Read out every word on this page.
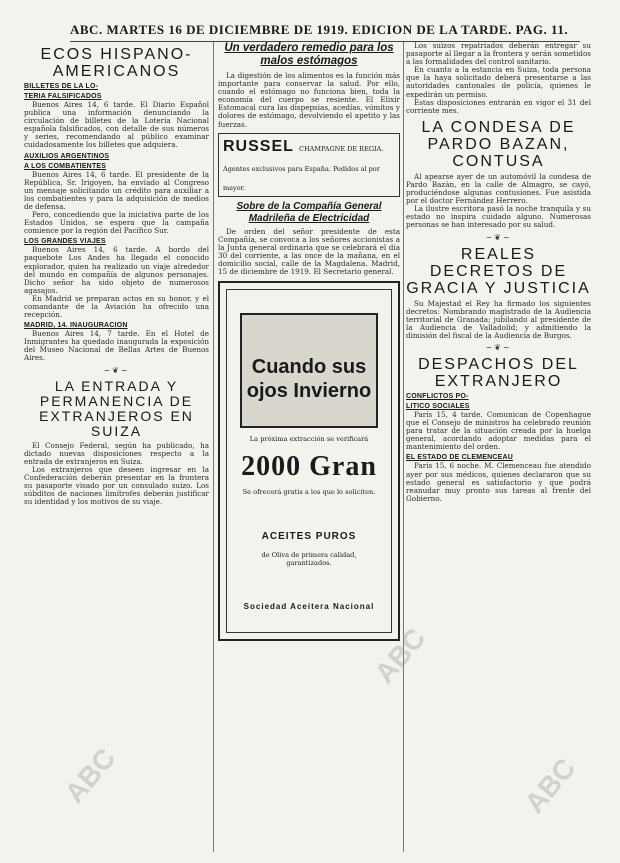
ABC. MARTES 16 DE DICIEMBRE DE 1919. EDICION DE LA TARDE. PAG. 11.
ECOS HISPANO-AMERICANOS
BILLETES DE LA LO-
TERIA FALSIFICADOS

Buenos Aires 14, 6 tarde. El Diario Español publica una información denunciando la circulación de billetes de la Lotería Nacional española falsificados, con detalle de sus números y series, recomendando al público examinar cuidadosamente los billetes que adquiera.

AUXILIOS ARGENTINOS
A LOS COMBATIENTES

Buenos Aires 14, 6 tarde. El presidente de la República, Sr. Irigoyen, ha enviado al Congreso un mensaje solicitando un crédito para auxiliar a los combatientes y para la adquisición de medios de defensa.

Pero, concediendo que la iniciativa parte de los Estados Unidos, se espera que la campaña comience por la región del Pacífico Sur.

LOS GRANDES VIAJES

Buenos Aires 14, 6 tarde. A bordo del paquebote Los Andes ha llegado el conocido explorador, quien ha realizado un viaje alrededor del mundo en compañía de algunos personajes. Dicho señor ha sido objeto de numerosos agasajos.

En Madrid se preparan actos en su honor, y el comandante de la Aviación ha ofrecido una recepción.

MADRID, 14. INAUGURACION

Buenos Aires 14, 7 tarde. En el Hotel de Inmigrantes ha quedado inaugurada la exposición del Museo Nacional de Bellas Artes de Buenos Aires.

~❦~
LA ENTRADA Y PERMANENCIA DE EXTRANJEROS EN SUIZA

El Consejo Federal, según ha publicado, ha dictado nuevas disposiciones respecto a la entrada de extranjeros en Suiza.

Los extranjeros que deseen ingresar en la Confederación deberán presentar en la frontera su pasaporte visado por un consulado suizo. Los súbditos de naciones limítrofes deberán justificar su identidad y los motivos de su viaje.

Un verdadero remedio para los malos estómagos

La digestión de los alimentos es la función más importante para conservar la salud. Por ello, cuando el estómago no funciona bien, toda la economía del cuerpo se resiente. El Elixir Estomacal cura las dispepsias, acedías, vómitos y dolores de estómago, devolviendo el apetito y las fuerzas.

RUSSEL CHAMPAGNE DE REGIA. Agentes exclusivos para España. Pedidos al por mayor.
Sobre de la Compañía General Madrileña de Electricidad

De orden del señor presidente de esta Compañía, se convoca a los señores accionistas a la Junta general ordinaria que se celebrará el día 30 del corriente, a las once de la mañana, en el domicilio social, calle de la Magdalena. Madrid, 15 de diciembre de 1919. El Secretario general.

Cuando sus ojos Invierno
La próxima extracción se verificará
2000 Gran
Se ofrecerá gratis a los que lo soliciten.
ACEITES PUROS
de Oliva de primera calidad, garantizados.
Sociedad Aceitera Nacional

Los suizos repatriados deberán entregar su pasaporte al llegar a la frontera y serán sometidos a las formalidades del control sanitario.

En cuanto a la estancia en Suiza, toda persona que la haya solicitado deberá presentarse a las autoridades cantonales de policía, quienes le expedirán un permiso.

Estas disposiciones entrarán en vigor el 31 del corriente mes.

LA CONDESA DE PARDO BAZAN, CONTUSA

Al apearse ayer de un automóvil la condesa de Pardo Bazán, en la calle de Almagro, se cayó, produciéndose algunas contusiones. Fue asistida por el doctor Fernández Herrero.

La ilustre escritora pasó la noche tranquila y su estado no inspira cuidado alguno. Numerosas personas se han interesado por su salud.

~❦~
REALES DECRETOS DE GRACIA Y JUSTICIA

Su Majestad el Rey ha firmado los siguientes decretos: Nombrando magistrado de la Audiencia territorial de Granada; jubilando al presidente de la Audiencia de Valladolid; y admitiendo la dimisión del fiscal de la Audiencia de Burgos.

~❦~
DESPACHOS DEL EXTRANJERO
CONFLICTOS PO-
LITICO SOCIALES

París 15, 4 tarde. Comunican de Copenhague que el Consejo de ministros ha celebrado reunión para tratar de la situación creada por la huelga general, acordando adoptar medidas para el mantenimiento del orden.

EL ESTADO DE CLEMENCEAU

París 15, 6 noche. M. Clemenceau fue atendido ayer por sus médicos, quienes declararon que su estado general es satisfactorio y que podrá reanudar muy pronto sus tareas al frente del Gobierno.

ABC
ABC
ABC
